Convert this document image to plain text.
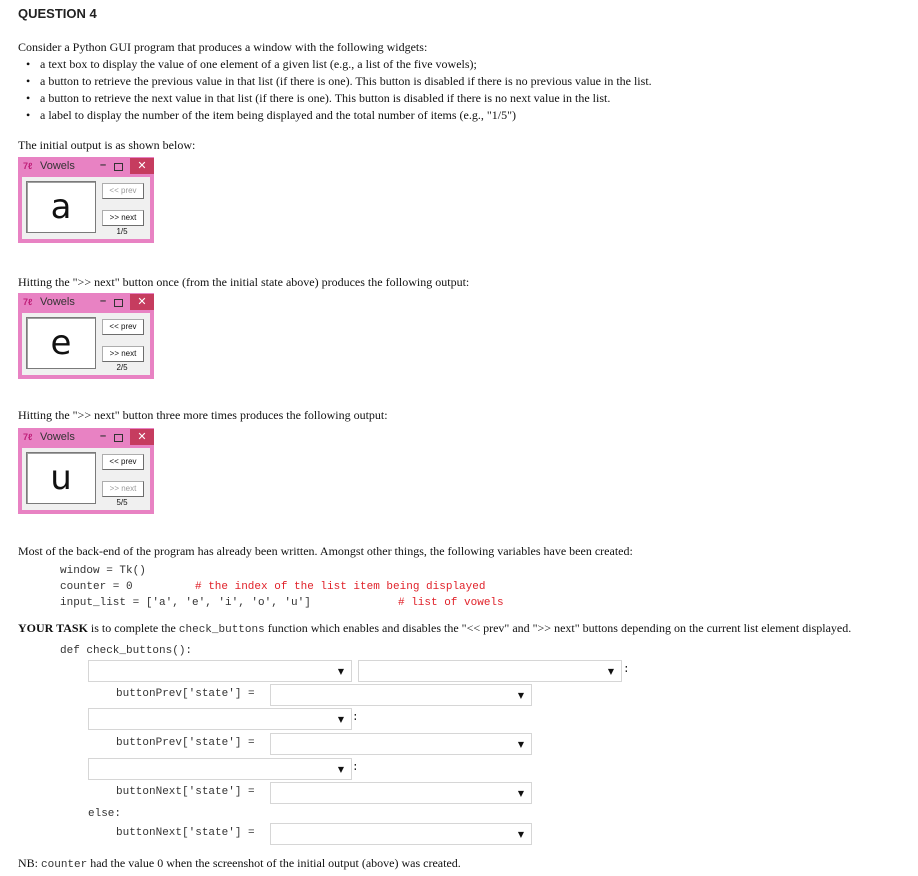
QUESTION 4
Consider a Python GUI program that produces a window with the following widgets:
• a text box to display the value of one element of a given list (e.g., a list of the five vowels);
• a button to retrieve the previous value in that list (if there is one). This button is disabled if there is no previous value in the list.
• a button to retrieve the next value in that list (if there is one). This button is disabled if there is no next value in the list.
• a label to display the number of the item being displayed and the total number of items (e.g., "1/5")
The initial output is as shown below:
7ℓ Vowels –	✕
a	<< prev
>> next
1/5
Hitting the ">> next" button once (from the initial state above) produces the following output:
7ℓ Vowels –	✕
e	<< prev
>> next
2/5
Hitting the ">> next" button three more times produces the following output:
7ℓ Vowels –	✕
u	<< prev
>> next
5/5
Most of the back-end of the program has already been written. Amongst other things, the following variables have been created:
window = Tk()
counter = 0	# the index of the list item being displayed
input_list = ['a', 'e', 'i', 'o', 'u']	# list of vowels
YOUR TASK is to complete the check_buttons function which enables and disables the "<< prev" and ">> next" buttons depending on the current list element displayed.
def check_buttons():
▼	▼ :
buttonPrev['state'] =	▼
▼ :
buttonPrev['state'] =	▼
▼ :
buttonNext['state'] =	▼
else:
buttonNext['state'] =	▼
NB: counter had the value 0 when the screenshot of the initial output (above) was created.
